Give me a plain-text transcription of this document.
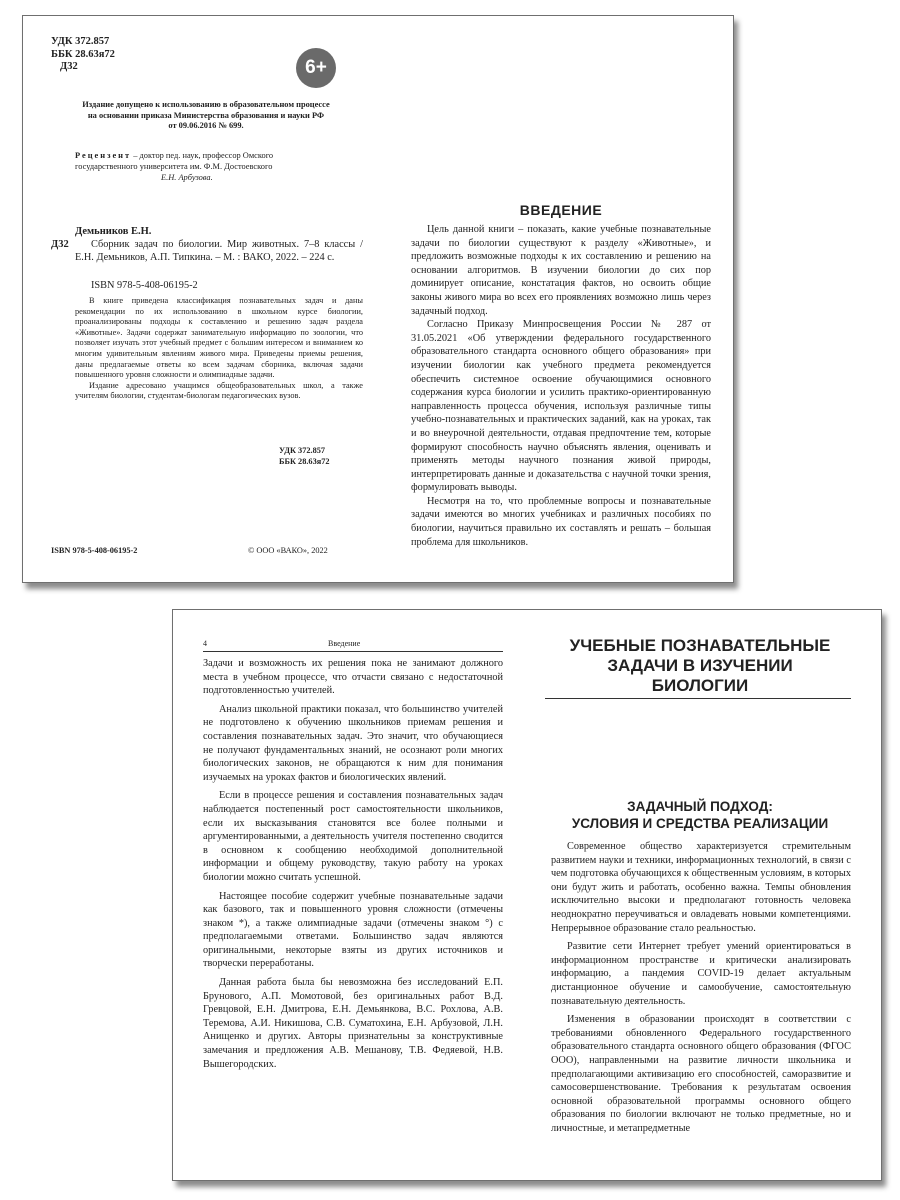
УДК 372.857
ББК 28.63я72
Д32	6+
Издание допущено к использованию в образовательном процессе
на основании приказа Министерства образования и науки РФ
от 09.06.2016 № 699.
Рецензент – доктор пед. наук, профессор Омского
государственного университета им. Ф.М. Достоевского
Е.Н. Арбузова.
Демьников Е.Н.
Д32	Сборник задач по биологии. Мир животных. 7–8 классы / Е.Н. Демьников, А.П. Типкина. – М. : ВАКО, 2022. – 224 с.
ISBN 978-5-408-06195-2

В книге приведена классификация познавательных задач и даны рекомендации по их использованию в школьном курсе биологии, проанализированы подходы к составлению и решению задач раздела «Животные». Задачи содержат занимательную информацию по зоологии, что позволяет изучать этот учебный предмет с большим интересом и вниманием ко многим удивительным явлениям живого мира. Приведены приемы решения, даны предлагаемые ответы ко всем задачам сборника, включая задачи повышенного уровня сложности и олимпиадные задачи.

Издание адресовано учащимся общеобразовательных школ, а также учителям биологии, студентам-биологам педагогических вузов.

УДК 372.857
ББК 28.63я72
ISBN 978-5-408-06195-2	© ООО «ВАКО», 2022
ВВЕДЕНИЕ

Цель данной книги – показать, какие учебные познавательные задачи по биологии существуют к разделу «Животные», и предложить возможные подходы к их составлению и решению на основании алгоритмов. В изучении биологии до сих пор доминирует описание, констатация фактов, но освоить общие законы живого мира во всех его проявлениях возможно лишь через задачный подход.

Согласно Приказу Минпросвещения России № 287 от 31.05.2021 «Об утверждении федерального государственного образовательного стандарта основного общего образования» при изучении биологии как учебного предмета рекомендуется обеспечить системное освоение обучающимися основного содержания курса биологии и усилить практико-ориентированную направленность процесса обучения, используя различные типы учебно-познавательных и практических заданий, как на уроках, так и во внеурочной деятельности, отдавая предпочтение тем, которые формируют способность научно объяснять явления, оценивать и применять методы научного познания живой природы, интерпретировать данные и доказательства с научной точки зрения, формулировать выводы.

Несмотря на то, что проблемные вопросы и познавательные задачи имеются во многих учебниках и различных пособиях по биологии, научиться правильно их составлять и решать – большая проблема для школьников.

4	Введение

Задачи и возможность их решения пока не занимают должного места в учебном процессе, что отчасти связано с недостаточной подготовленностью учителей.

Анализ школьной практики показал, что большинство учителей не подготовлено к обучению школьников приемам решения и составления познавательных задач. Это значит, что обучающиеся не получают фундаментальных знаний, не осознают роли многих биологических законов, не обращаются к ним для понимания изучаемых на уроках фактов и биологических явлений.

Если в процессе решения и составления познавательных задач наблюдается постепенный рост самостоятельности школьников, если их высказывания становятся все более полными и аргументированными, а деятельность учителя постепенно сводится в основном к сообщению необходимой дополнительной информации и общему руководству, такую работу на уроках биологии можно считать успешной.

Настоящее пособие содержит учебные познавательные задачи как базового, так и повышенного уровня сложности (отмечены знаком *), а также олимпиадные задачи (отмечены знаком °) с предполагаемыми ответами. Большинство задач являются оригинальными, некоторые взяты из других источников и творчески переработаны.

Данная работа была бы невозможна без исследований Е.П. Брунового, А.П. Момотовой, без оригинальных работ В.Д. Гревцовой, Е.Н. Дмитрова, Е.Н. Демьянкова, В.С. Рохлова, А.В. Теремова, А.И. Никишова, С.В. Суматохина, Е.Н. Арбузовой, Л.Н. Анищенко и других. Авторы признательны за конструктивные замечания и предложения А.В. Мешанову, Т.В. Федяевой, Н.В. Вышегородских.

УЧЕБНЫЕ ПОЗНАВАТЕЛЬНЫЕ
ЗАДАЧИ В ИЗУЧЕНИИ
БИОЛОГИИ
ЗАДАЧНЫЙ ПОДХОД:
УСЛОВИЯ И СРЕДСТВА РЕАЛИЗАЦИИ

Современное общество характеризуется стремительным развитием науки и техники, информационных технологий, в связи с чем подготовка обучающихся к общественным условиям, в которых они будут жить и работать, особенно важна. Темпы обновления исключительно высоки и предполагают готовность человека неоднократно переучиваться и овладевать новыми компетенциями. Непрерывное образование стало реальностью.

Развитие сети Интернет требует умений ориентироваться в информационном пространстве и критически анализировать информацию, а пандемия COVID-19 делает актуальным дистанционное обучение и самообучение, самостоятельную познавательную деятельность.

Изменения в образовании происходят в соответствии с требованиями обновленного Федерального государственного образовательного стандарта основного общего образования (ФГОС ООО), направленными на развитие личности школьника и предполагающими активизацию его способностей, саморазвитие и самосовершенствование. Требования к результатам освоения основной образовательной программы основного общего образования по биологии включают не только предметные, но и личностные, и метапредметные
